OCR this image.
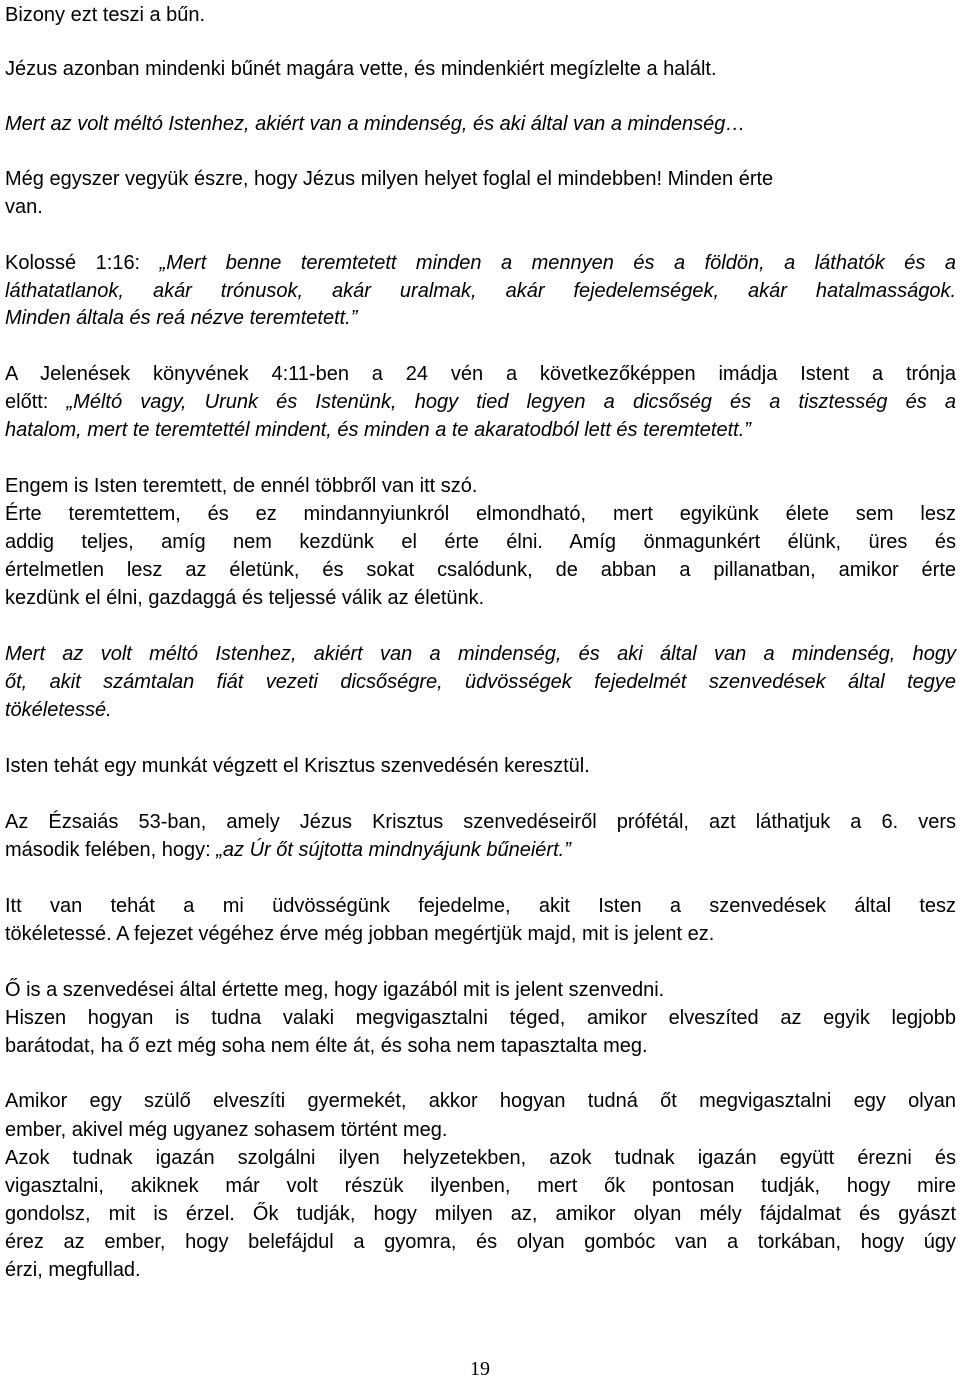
Bizony ezt teszi a bűn.
Jézus azonban mindenki bűnét magára vette, és mindenkiért megízlelte a halált.
Mert az volt méltó Istenhez, akiért van a mindenség, és aki által van a mindenség…
Még egyszer vegyük észre, hogy Jézus milyen helyet foglal el mindebben! Minden érte
van.
Kolossé 1:16: „Mert benne teremtetett minden a mennyen és a földön, a láthatók és a
láthatatlanok, akár trónusok, akár uralmak, akár fejedelemségek, akár hatalmasságok.
Minden általa és reá nézve teremtetett.”
A Jelenések könyvének 4:11-ben a 24 vén a következőképpen imádja Istent a trónja
előtt: „Méltó vagy, Urunk és Istenünk, hogy tied legyen a dicsőség és a tisztesség és a
hatalom, mert te teremtettél mindent, és minden a te akaratodból lett és teremtetett.”
Engem is Isten teremtett, de ennél többről van itt szó.
Érte teremtettem, és ez mindannyiunkról elmondható, mert egyikünk élete sem lesz
addig teljes, amíg nem kezdünk el érte élni. Amíg önmagunkért élünk, üres és
értelmetlen lesz az életünk, és sokat csalódunk, de abban a pillanatban, amikor érte
kezdünk el élni, gazdaggá és teljessé válik az életünk.
Mert az volt méltó Istenhez, akiért van a mindenség, és aki által van a mindenség, hogy
őt, akit számtalan fiát vezeti dicsőségre, üdvösségek fejedelmét szenvedések által tegye
tökéletessé.
Isten tehát egy munkát végzett el Krisztus szenvedésén keresztül.
Az Ézsaiás 53-ban, amely Jézus Krisztus szenvedéseiről prófétál, azt láthatjuk a 6. vers
második felében, hogy: „az Úr őt sújtotta mindnyájunk bűneiért.”
Itt van tehát a mi üdvösségünk fejedelme, akit Isten a szenvedések által tesz
tökéletessé. A fejezet végéhez érve még jobban megértjük majd, mit is jelent ez.
Ő is a szenvedései által értette meg, hogy igazából mit is jelent szenvedni.
Hiszen hogyan is tudna valaki megvigasztalni téged, amikor elveszíted az egyik legjobb
barátodat, ha ő ezt még soha nem élte át, és soha nem tapasztalta meg.
Amikor egy szülő elveszíti gyermekét, akkor hogyan tudná őt megvigasztalni egy olyan
ember, akivel még ugyanez sohasem történt meg.
Azok tudnak igazán szolgálni ilyen helyzetekben, azok tudnak igazán együtt érezni és
vigasztalni, akiknek már volt részük ilyenben, mert ők pontosan tudják, hogy mire
gondolsz, mit is érzel. Ők tudják, hogy milyen az, amikor olyan mély fájdalmat és gyászt
érez az ember, hogy belefájdul a gyomra, és olyan gombóc van a torkában, hogy úgy
érzi, megfullad.
19
